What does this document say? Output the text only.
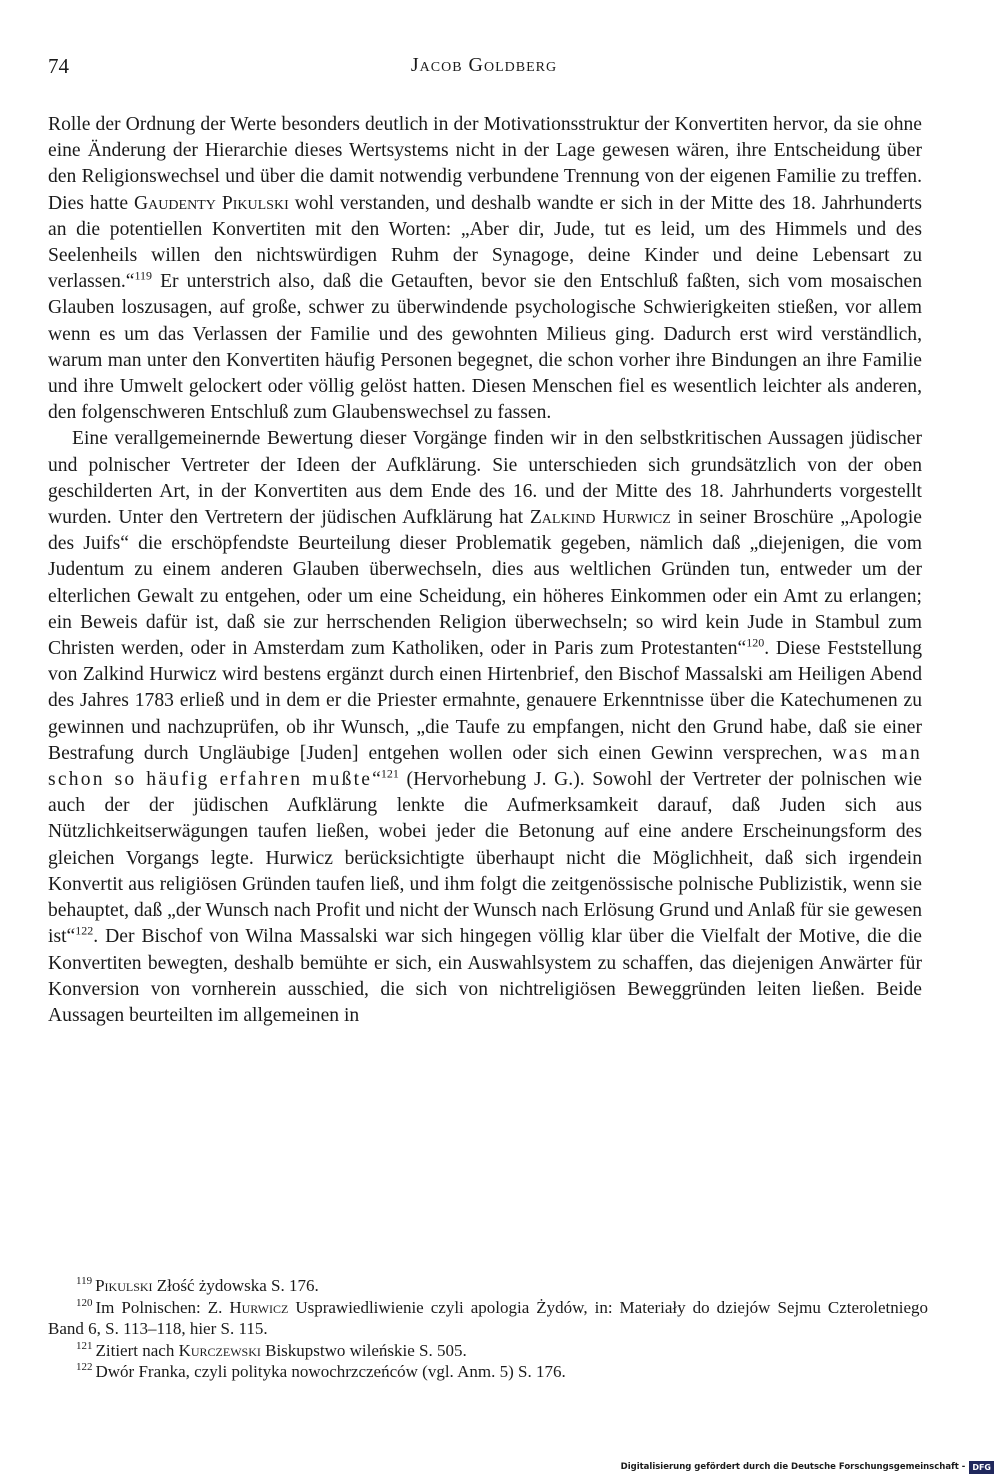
74	Jacob Goldberg

Rolle der Ordnung der Werte besonders deutlich in der Motivationsstruktur der Konvertiten hervor, da sie ohne eine Änderung der Hierarchie dieses Wertsystems nicht in der Lage gewesen wären, ihre Entscheidung über den Religionswechsel und über die damit notwendig verbundene Trennung von der eigenen Familie zu treffen. Dies hatte Gaudenty Pikulski wohl verstanden, und deshalb wandte er sich in der Mitte des 18. Jahrhunderts an die potentiellen Konvertiten mit den Worten: „Aber dir, Jude, tut es leid, um des Himmels und des Seelenheils willen den nichtswürdigen Ruhm der Synagoge, deine Kinder und deine Lebensart zu verlassen.“$^{119}$ Er unterstrich also, daß die Getauften, bevor sie den Entschluß faßten, sich vom mosaischen Glauben loszusagen, auf große, schwer zu überwindende psychologische Schwierigkeiten stießen, vor allem wenn es um das Verlassen der Familie und des gewohnten Milieus ging. Dadurch erst wird verständlich, warum man unter den Konvertiten häufig Personen begegnet, die schon vorher ihre Bindungen an ihre Familie und ihre Umwelt gelockert oder völlig gelöst hatten. Diesen Menschen fiel es wesentlich leichter als anderen, den folgenschweren Entschluß zum Glaubenswechsel zu fassen.

Eine verallgemeinernde Bewertung dieser Vorgänge finden wir in den selbstkritischen Aussagen jüdischer und polnischer Vertreter der Ideen der Aufklärung. Sie unterschieden sich grundsätzlich von der oben geschilderten Art, in der Konvertiten aus dem Ende des 16. und der Mitte des 18. Jahrhunderts vorgestellt wurden. Unter den Vertretern der jüdischen Aufklärung hat Zalkind Hurwicz in seiner Broschüre „Apologie des Juifs“ die erschöpfendste Beurteilung dieser Problematik gegeben, nämlich daß „diejenigen, die vom Judentum zu einem anderen Glauben überwechseln, dies aus weltlichen Gründen tun, entweder um der elterlichen Gewalt zu entgehen, oder um eine Scheidung, ein höheres Einkommen oder ein Amt zu erlangen; ein Beweis dafür ist, daß sie zur herrschenden Religion überwechseln; so wird kein Jude in Stambul zum Christen werden, oder in Amsterdam zum Katholiken, oder in Paris zum Protestanten“$^{120}$. Diese Feststellung von Zalkind Hurwicz wird bestens ergänzt durch einen Hirtenbrief, den Bischof Massalski am Heiligen Abend des Jahres 1783 erließ und in dem er die Priester ermahnte, genauere Erkenntnisse über die Katechumenen zu gewinnen und nachzuprüfen, ob ihr Wunsch, „die Taufe zu empfangen, nicht den Grund habe, daß sie einer Bestrafung durch Ungläubige [Juden] entgehen wollen oder sich einen Gewinn versprechen, was man schon so häufig erfahren mußte“$^{121}$ (Hervorhebung J. G.). Sowohl der Vertreter der polnischen wie auch der der jüdischen Aufklärung lenkte die Aufmerksamkeit darauf, daß Juden sich aus Nützlichkeitserwägungen taufen ließen, wobei jeder die Betonung auf eine andere Erscheinungsform des gleichen Vorgangs legte. Hurwicz berücksichtigte überhaupt nicht die Möglichheit, daß sich irgendein Konvertit aus religiösen Gründen taufen ließ, und ihm folgt die zeitgenössische polnische Publizistik, wenn sie behauptet, daß „der Wunsch nach Profit und nicht der Wunsch nach Erlösung Grund und Anlaß für sie gewesen ist“$^{122}$. Der Bischof von Wilna Massalski war sich hingegen völlig klar über die Vielfalt der Motive, die die Konvertiten bewegten, deshalb bemühte er sich, ein Auswahlsystem zu schaffen, das diejenigen Anwärter für Konversion von vornherein ausschied, die sich von nichtreligiösen Beweggründen leiten ließen. Beide Aussagen beurteilten im allgemeinen in

$^{119}$ Pikulski Złość żydowska S. 176.

$^{120}$ Im Polnischen: Z. Hurwicz Usprawiedliwienie czyli apologia Żydów, in: Materiały do dziejów Sejmu Czteroletniego Band 6, S. 113–118, hier S. 115.

$^{121}$ Zitiert nach Kurczewski Biskupstwo wileńskie S. 505.

$^{122}$ Dwór Franka, czyli polityka nowochrzczeńców (vgl. Anm. 5) S. 176.

Digitalisierung gefördert durch die Deutsche Forschungsgemeinschaft - DFG
